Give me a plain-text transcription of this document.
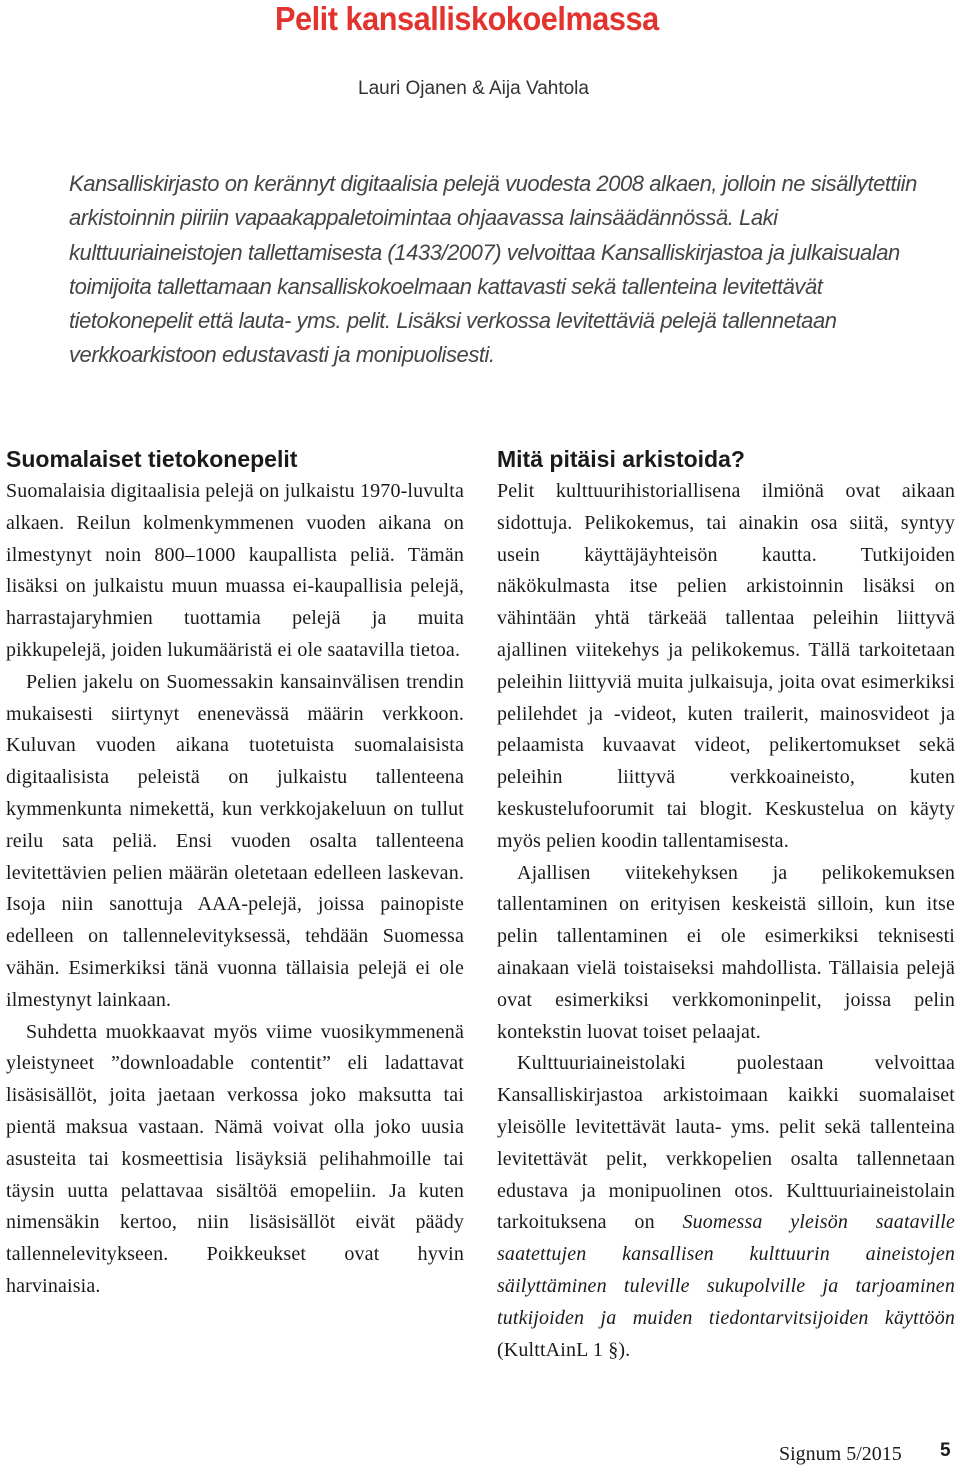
Pelit kansalliskokoelmassa
Lauri Ojanen & Aija Vahtola

Kansalliskirjasto on kerännyt digitaalisia pelejä vuodesta 2008 alkaen, jolloin ne sisällytettiin arkistoinnin piiriin vapaakappaletoimintaa ohjaavassa lainsäädännössä. Laki kulttuuriaineistojen tallettamisesta (1433/2007) velvoittaa Kansalliskirjastoa ja julkaisualan toimijoita tallettamaan kansalliskokoelmaan kattavasti sekä tallenteina levitettävät tietokonepelit että lauta- yms. pelit. Lisäksi verkossa levitettäviä pelejä tallennetaan verkkoarkistoon edustavasti ja monipuolisesti.

Suomalaiset tietokonepelit

Suomalaisia digitaalisia pelejä on julkaistu 1970-luvulta alkaen. Reilun kolmenkymmenen vuoden aikana on ilmestynyt noin 800–1000 kaupallista peliä. Tämän lisäksi on julkaistu muun muassa ei-kaupallisia pelejä, harrastajaryhmien tuottamia pelejä ja muita pikkupelejä, joiden lukumääristä ei ole saatavilla tietoa.

Pelien jakelu on Suomessakin kansainvälisen trendin mukaisesti siirtynyt enenevässä määrin verkkoon. Kuluvan vuoden aikana tuotetuista suomalaisista digitaalisista peleistä on julkaistu tallenteena kymmenkunta nimekettä, kun verkkojakeluun on tullut reilu sata peliä. Ensi vuoden osalta tallenteena levitettävien pelien määrän oletetaan edelleen laskevan. Isoja niin sanottuja AAA-pelejä, joissa painopiste edelleen on tallennelevityksessä, tehdään Suomessa vähän. Esimerkiksi tänä vuonna tällaisia pelejä ei ole ilmestynyt lainkaan.

Suhdetta muokkaavat myös viime vuosikymmenenä yleistyneet ”downloadable contentit” eli ladattavat lisäsisällöt, joita jaetaan verkossa joko maksutta tai pientä maksua vastaan. Nämä voivat olla joko uusia asusteita tai kosmeettisia lisäyksiä pelihahmoille tai täysin uutta pelattavaa sisältöä emopeliin. Ja kuten nimensäkin kertoo, niin lisäsisällöt eivät päädy tallennelevitykseen. Poikkeukset ovat hyvin harvinaisia.

Mitä pitäisi arkistoida?

Pelit kulttuurihistoriallisena ilmiönä ovat aikaan sidottuja. Pelikokemus, tai ainakin osa siitä, syntyy usein käyttäjäyhteisön kautta. Tutkijoiden näkökulmasta itse pelien arkistoinnin lisäksi on vähintään yhtä tärkeää tallentaa peleihin liittyvä ajallinen viitekehys ja pelikokemus. Tällä tarkoitetaan peleihin liittyviä muita julkaisuja, joita ovat esimerkiksi pelilehdet ja -videot, kuten trailerit, mainosvideot ja pelaamista kuvaavat videot, pelikertomukset sekä peleihin liittyvä verkkoaineisto, kuten keskustelufoorumit tai blogit. Keskustelua on käyty myös pelien koodin tallentamisesta.

Ajallisen viitekehyksen ja pelikokemuksen tallentaminen on erityisen keskeistä silloin, kun itse pelin tallentaminen ei ole esimerkiksi teknisesti ainakaan vielä toistaiseksi mahdollista. Tällaisia pelejä ovat esimerkiksi verkkomoninpelit, joissa pelin kontekstin luovat toiset pelaajat.

Kulttuuriaineistolaki puolestaan velvoittaa Kansalliskirjastoa arkistoimaan kaikki suomalaiset yleisölle levitettävät lauta- yms. pelit sekä tallenteina levitettävät pelit, verkkopelien osalta tallennetaan edustava ja monipuolinen otos. Kulttuuriaineistolain tarkoituksena on Suomessa yleisön saataville saatettujen kansallisen kulttuurin aineistojen säilyttäminen tuleville sukupolville ja tarjoaminen tutkijoiden ja muiden tiedontarvitsijoiden käyttöön (KulttAinL 1 §).

Signum 5/2015 5
